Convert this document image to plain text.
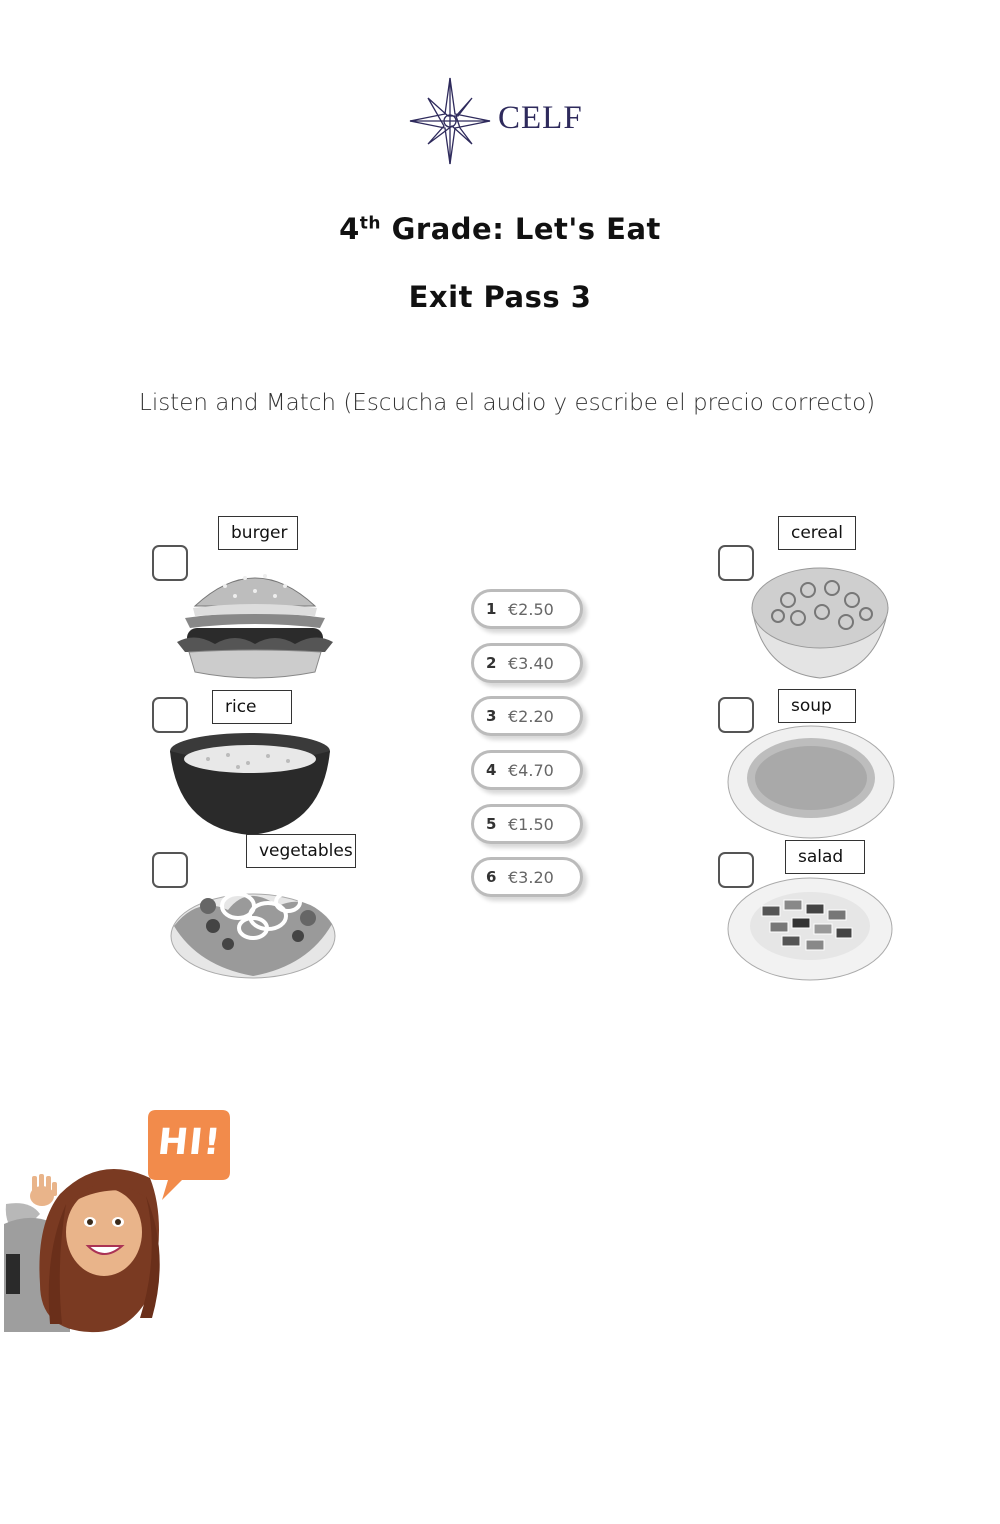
CELF
4th Grade: Let's Eat
Exit Pass 3
Listen and Match (Escucha el audio y escribe el precio correcto)
burger
rice
vegetables
1 €2.50
2 €3.40
3 €2.20
4 €4.70
5 €1.50
6 €3.20
cereal
soup
salad
HI!
